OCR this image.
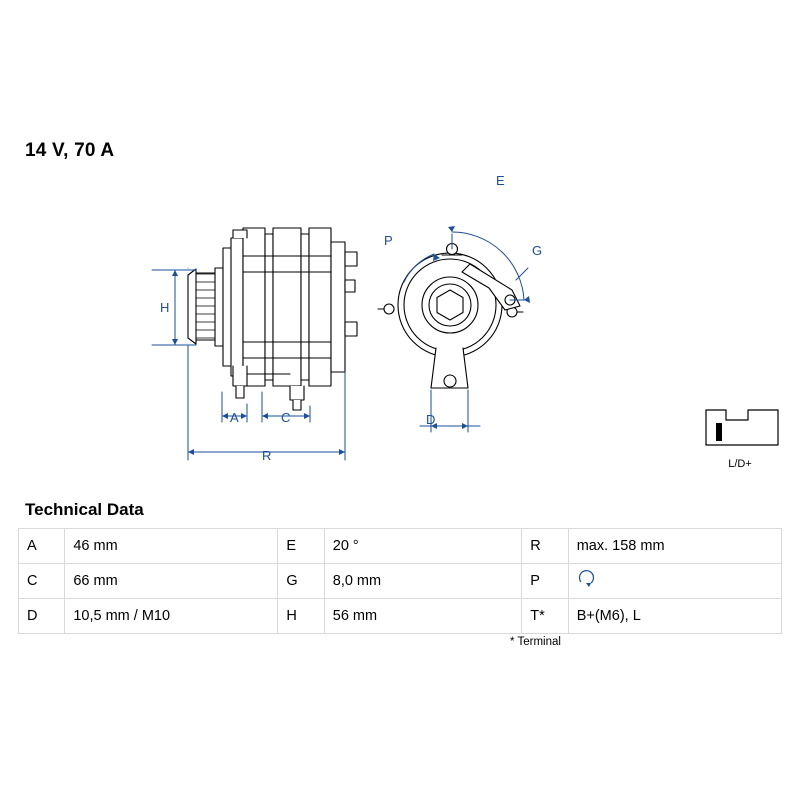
14 V, 70 A
H
A	C
R
E
G
P
D
L/D+
Technical Data
A	46 mm	E	20 °	R	max. 158 mm
C	66 mm	G	8,0 mm	P	
D	10,5 mm / M10	H	56 mm	T*	B+(M6), L
* Terminal
